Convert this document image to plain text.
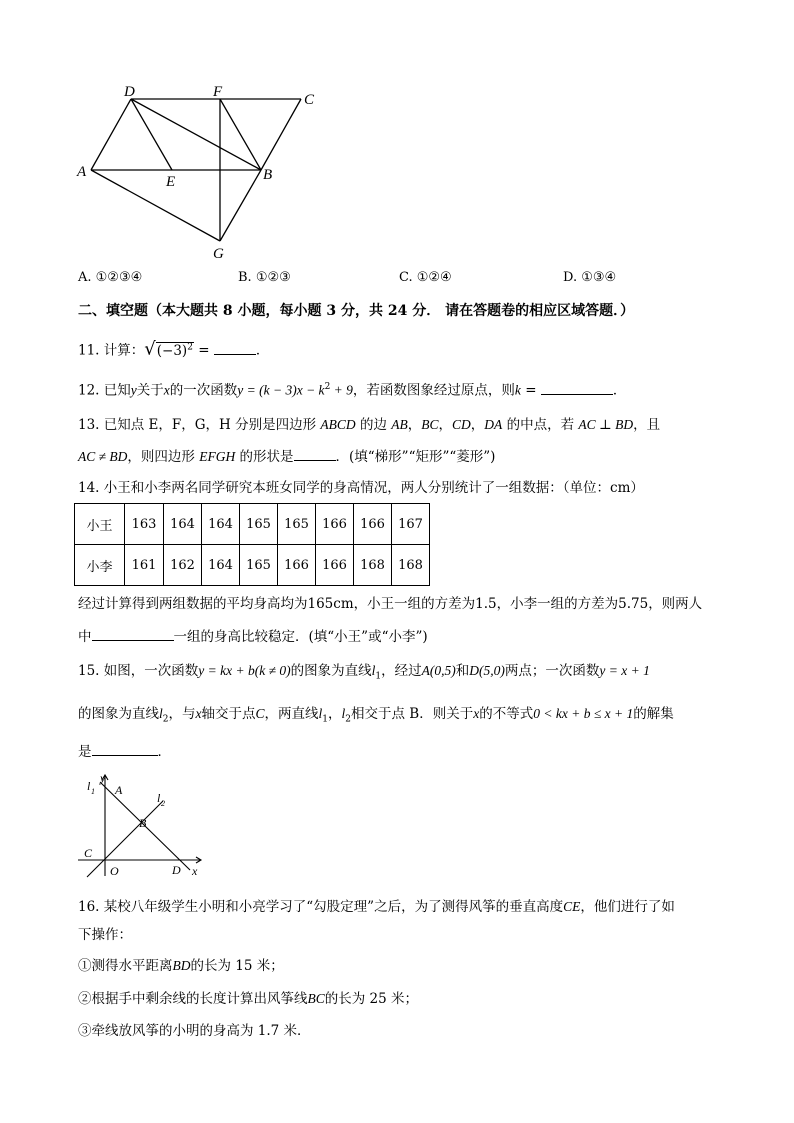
D	F	C
A
E	B
G
A. ①②③④	B. ①②③	C. ①②④	D. ①③④
二、填空题（本大题共 8 小题，每小题 3 分，共 24 分． 请在答题卷的相应区域答题．）
11. 计算：$√(-3)^2$ =	．
12. 已知y关于x的一次函数$y = (k - 3)x - k^2 + 9$，若函数图象经过原点，则k =	．
13. 已知点 E，F，G，H 分别是四边形 ABCD 的边 AB，BC，CD，DA 的中点，若 AC ⊥ BD，且
AC ≠ BD，则四边形 EFGH 的形状是	．(填“梯形”“矩形”“菱形”)
14. 小王和小李两名同学研究本班女同学的身高情况，两人分别统计了一组数据：（单位：cm）
小王	163	164	164	165	165	166	166	167
小李	161	162	164	165	166	166	168	168
经过计算得到两组数据的平均身高均为165cm，小王一组的方差为1.5，小李一组的方差为5.75，则两人
中	一组的身高比较稳定．(填“小王”或“小李”)
15. 如图，一次函数y = kx + b(k ≠ 0)的图象为直线$l_1$，经过A(0,5)和D(5,0)两点；一次函数y = x + 1
的图象为直线$l_2$，与x轴交于点C，两直线$l_1$，$l_2$相交于点 B．则关于x的不等式0 < kx + b ≤ x + 1的解集
是	．
y
l 1 A
l 2
B
C
O	D x
16. 某校八年级学生小明和小亮学习了“勾股定理”之后，为了测得风筝的垂直高度CE，他们进行了如
下操作：
①测得水平距离BD的长为 15 米；
②根据手中剩余线的长度计算出风筝线BC的长为 25 米；
③牵线放风筝的小明的身高为 1.7 米．
